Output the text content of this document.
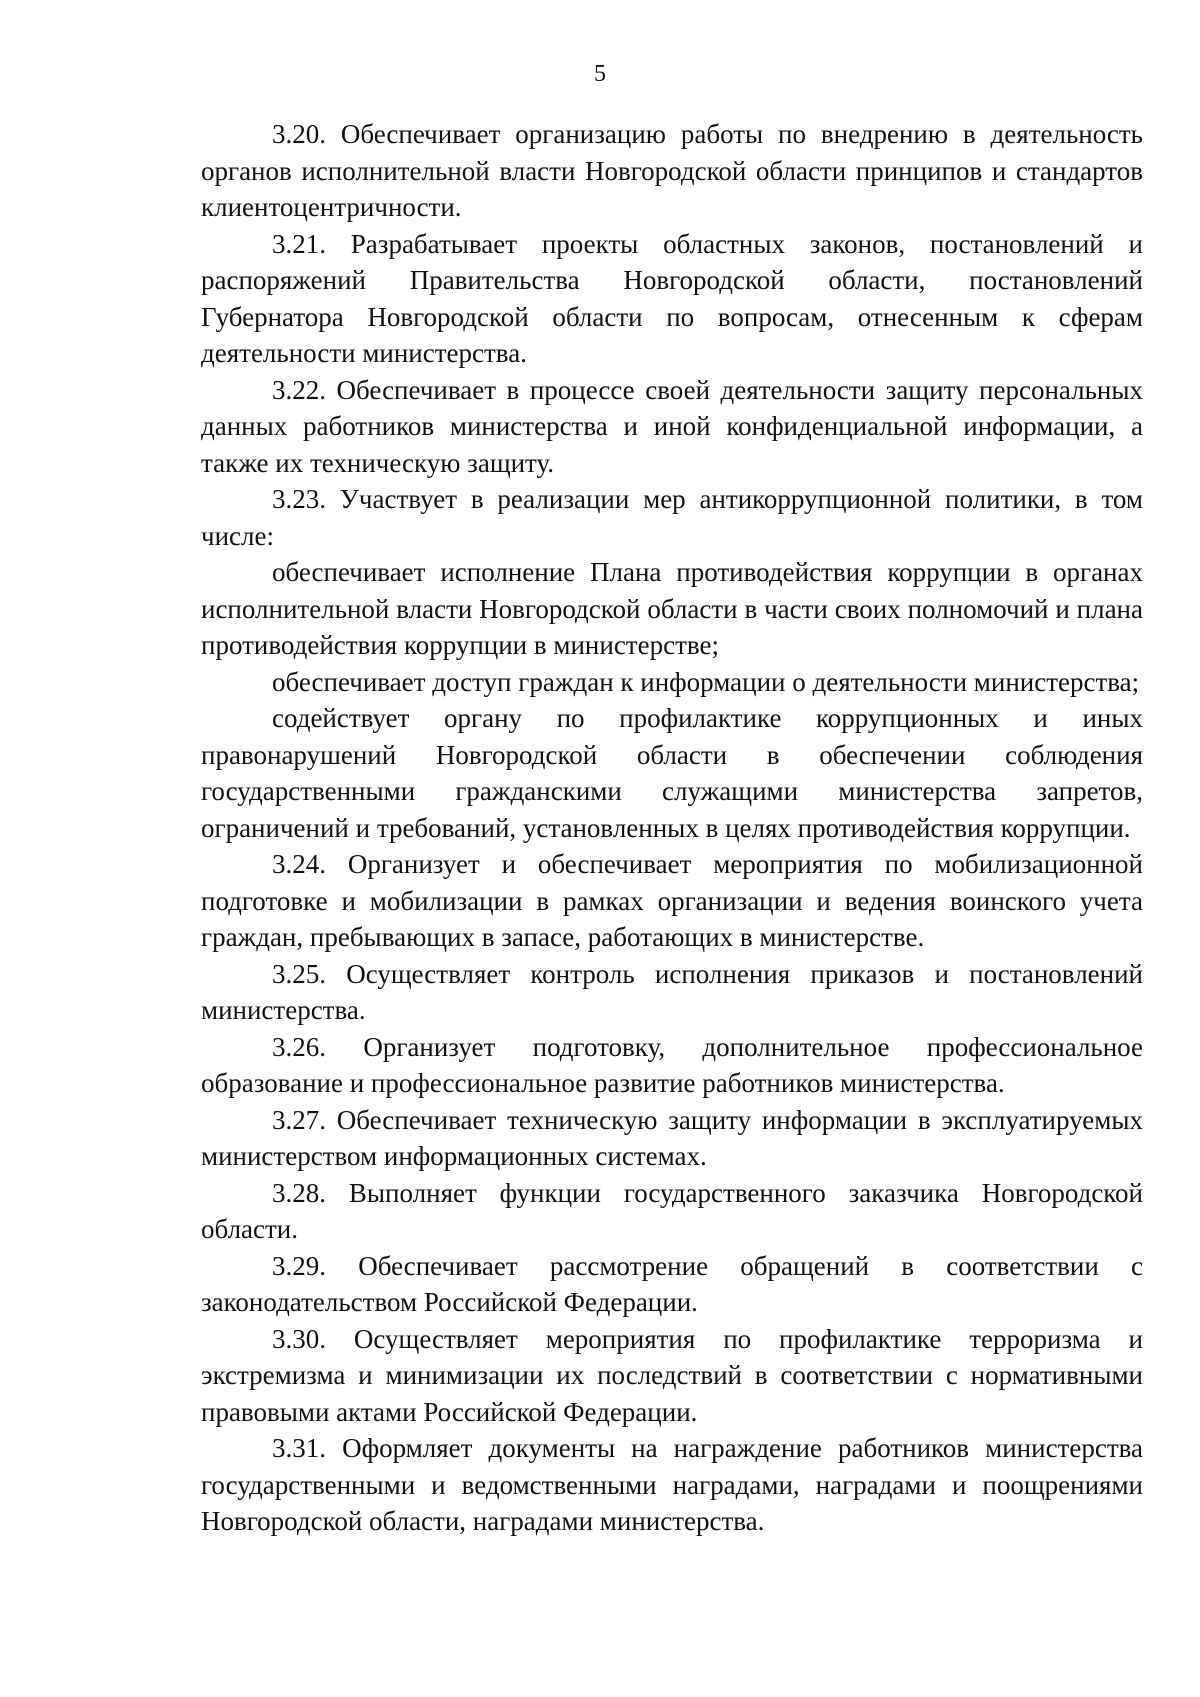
5

3.20. Обеспечивает организацию работы по внедрению в деятельность органов исполнительной власти Новгородской области принципов и стандартов клиентоцентричности.

3.21. Разрабатывает проекты областных законов, постановлений и распоряжений Правительства Новгородской области, постановлений Губернатора Новгородской области по вопросам, отнесенным к сферам деятельности министерства.

3.22. Обеспечивает в процессе своей деятельности защиту персональных данных работников министерства и иной конфиденциальной информации, а также их техническую защиту.

3.23. Участвует в реализации мер антикоррупционной политики, в том числе:

обеспечивает исполнение Плана противодействия коррупции в органах исполнительной власти Новгородской области в части своих полномочий и плана противодействия коррупции в министерстве;

обеспечивает доступ граждан к информации о деятельности министерства;

содействует органу по профилактике коррупционных и иных правонарушений Новгородской области в обеспечении соблюдения государственными гражданскими служащими министерства запретов, ограничений и требований, установленных в целях противодействия коррупции.

3.24. Организует и обеспечивает мероприятия по мобилизационной подготовке и мобилизации в рамках организации и ведения воинского учета граждан, пребывающих в запасе, работающих в министерстве.

3.25. Осуществляет контроль исполнения приказов и постановлений министерства.

3.26. Организует подготовку, дополнительное профессиональное образование и профессиональное развитие работников министерства.

3.27. Обеспечивает техническую защиту информации в эксплуатируемых министерством информационных системах.

3.28. Выполняет функции государственного заказчика Новгородской области.

3.29. Обеспечивает рассмотрение обращений в соответствии с законодательством Российской Федерации.

3.30. Осуществляет мероприятия по профилактике терроризма и экстремизма и минимизации их последствий в соответствии с нормативными правовыми актами Российской Федерации.

3.31. Оформляет документы на награждение работников министерства государственными и ведомственными наградами, наградами и поощрениями Новгородской области, наградами министерства.
